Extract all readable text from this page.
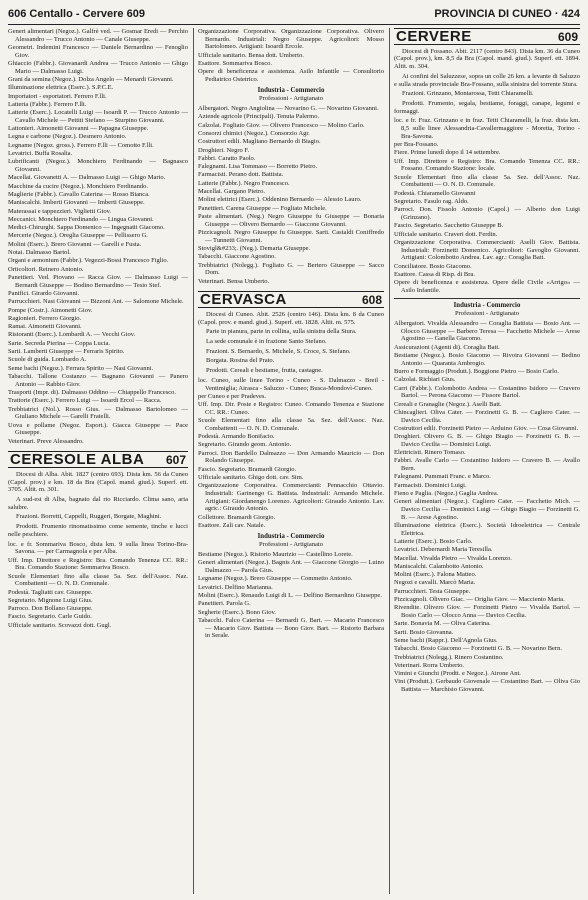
606 Centallo - Cervere 609	PROVINCIA DI CUNEO · 424

Generi alimentari (Negoz.). Galfrè ved. — Gosmar Eredi — Perchio Alessandro — Trucco Antonio — Canale Giuseppe.

Geometri. Indemini Francesco — Daniele Bernardino — Fenoglio Giov.

Ghiaccio (Fabbr.). Giovanardi Andrea — Trucco Antonio — Ghigo Mario — Dalmasso Luigi.

Grani da semina (Negoz.). Dolza Angelo — Menardi Giovanni.

Illuminazione elettrica (Eserc.). S.P.C.E.

Importatori - esportatori. Ferrero F.lli.

Latteria (Fabbr.). Ferrero F.lli.

Latterie (Eserc.). Locatelli Luigi — Isoardi P. — Trucco Antonio — Cavallo Michele — Pettiti Stefano — Sturpino Giovanni.

Lattonieri. Aimonetti Giovanni — Papagna Giuseppe.

Legna e carbone (Negoz.). Desmero Antonio.

Legname (Negoz. gross.). Ferrero F.lli — Comotto F.lli.

Levatrici. Buffa Rosalia.

Lubrificanti (Negoz.). Monchiero Ferdinando — Bagnasco Giovanni.

Macellai. Giovanetti A. — Dalmasso Luigi — Ghigo Mario.

Macchine da cucire (Negoz.). Monchiero Ferdinando.

Maglierie (Fabbr.). Cavallo Caterina — Rosso Bianca.

Maniscalchi. Imberti Giovanni — Imberti Giuseppe.

Materassai e tappezzieri. Viglietti Giov.

Meccanici. Monchiero Ferdinando — Lingua Giovanni.

Medici-Chirurghi. Sappa Domenico — Ingegnatti Giacomo.

Mercerie (Negoz.). Oreglia Giuseppe — Pellissero G.

Molini (Eserc.). Brero Giovanni — Garelli e Fusta.

Notai. Dalmasso Bartol.

Organi e armonium (Fabbr.). Vegezzi-Bossi Francesco Figlio.

Orticoltori. Reinero Antonio.

Panettieri. Ved. Piovano — Racca Giov. — Dalmasso Luigi — Bernardi Giuseppe — Bodino Bernardino — Tesio Stef.

Panifici. Girardo Giovanni.

Parrucchieri. Nasi Giovanni — Bizzoni Ant. — Salomone Michele.

Pompe (Costr.). Aimonetti Giov.

Ragionieri. Ferrero Giorgio.

Ramai. Aimonetti Giovanni.

Ristoranti (Eserc.). Lombardi A. — Vecchi Giov.

Sarte. Secreda Pierina — Coppa Lucia.

Sarti. Lamberti Giuseppe — Ferraris Spirito.

Scuole di guida. Lombardo A.

Seme bachi (Negoz.). Ferrara Spirito — Nasi Giovanni.

Tabacchi. Tallone Costanzo — Bagnano Giovanni — Panero Antonio — Rabbio Giov.

Trasporti (Impr. di). Dalmasso Oddino — Chiappello Francesco.

Trattorie (Eserc.). Ferrero Luigi — Isoardi Ercol — Racca.

Trebbiatrici (Nol.). Rosso Gius. — Dalmasso Bartolomeo — Giuliano Michele — Garelli Fratelli.

Uova e pollame (Negoz. Esport.). Giacca Giuseppe — Pace Giuseppe.

Veterinari. Preve Alessandro.

CERESOLE ALBA 607

Diocesi di Alba. Abit. 1827 (centro 693). Dista km. 56 da Cuneo (Capol. prov.) e km. 18 da Bra (Capol. mand. giud.). Superf. ett. 3705. Altit. m. 301.

A sud-est di Alba, bagnato dal rio Ricciardo. Clima sano, aria salubre.

Frazioni. Borretti, Cappelli, Ruggeri, Borgate, Maghini.

Prodotti. Frumento rinomatissimo come semente, tinche e lucci nelle peschiere.

loc. e fr. Sommariva Bosco, dista km. 9 sulla linea Torino-Bra-Savona. — per Carmagnola e per Alba.

Uff. Imp. Direttore e Registro: Bra. Comando Tenenza CC. RR.: Bra. Comando Stazione: Sommariva Bosco.

Scuole Elementari fino alla classe 5a. Sez. dell'Assoc. Naz. Combattenti — O. N. D. Comunale.

Podestà. Tagliatti cav. Giuseppe.

Segretario. Mignone Luigi Gius.

Parroco. Don Bollano Giuseppe.

Fascio. Segretario. Carle Guido.

Ufficiale sanitario. Scovazzi dott. Gugl.

Organizzazione Corporativa. Organizzazione Corporativa. Olivero Bernardo. Industriali: Negro Giuseppe. Agricoltori: Mosso Bartolomeo. Artigiani: Isoardi Ercole.

Ufficiale sanitario. Bensa dott. Umberto.

Esattore. Sommariva Bosco.

Opere di beneficenza e assistenza. Asilo Infantile — Consultorio Pediatrico Ostetrico.

Industria - Commercio
Professioni - Artigianato

Albergatori. Negro Angiolina — Novarino G. — Novarino Giovanni.

Aziende agricole (Principali). Tenuta Palermo.

Calzolai. Fogliato Giov. — Olivero Francesco — Molino Carlo.

Consorzi chimici (Negoz.). Consorzio Agr.

Costruttori edili. Magliano Bernardo di Biagio.

Droghieri. Negro F.

Fabbri. Caratto Paolo.

Falegnami. Lisa Tommaso — Borretto Pietro.

Farmacisti. Perano dott. Battista.

Latterie (Fabbr.). Negro Francesco.

Macellai. Gargano Pietro.

Molini elettrici (Eserc.). Oddenino Bernardo — Alessio Lauro.

Panettieri. Carena Giuseppe — Fogliato Michele.

Paste alimentari. (Neg.) Negro Giuseppe fu Giuseppe — Bonaria Giuseppe — Olivero Bernardo — Giaccone Giovanni.

Pizzicagnoli. Negro Giuseppe fu Giuseppe. Sarti. Castaldi Coniffredo — Tunnetti Giovanni.

Stovigl&#233;. (Neg.). Demaria Giuseppe.

Tabacchi. Giaccone Agostino.

Trebbiatrici (Nolegg.). Fogliato G. — Bertero Giuseppe — Sacco Dom.

Veterinari. Bensa Umberto.

CERVASCA	608

Diocesi di Cuneo. Abit. 2526 (centro 146). Dista km. 8 da Cuneo (Capol. prov. e mand. giud.). Superf. ett. 1828. Altit. m. 575.

Parte in pianura, parte in collina, sulla sinistra della Stura.

La sede comunale è in frazione Santo Stefano.

Frazioni. S. Bernardo, S. Michele, S. Croce, S. Stefano.

Borgata. Rosina del Prato.

Prodotti. Cereali e bestiame, frutta, castagne.

loc. Cuneo, sulle linee Torino - Cuneo - S. Dalmazzo - Breil - Ventimiglia; Airasca - Saluzzo - Cuneo; Busca-Mondovì-Cuneo.

per Cuneo e per Pradeves.

Uff. Imp. Dir. Poste e Registro: Cuneo. Comando Tenenza e Stazione CC. RR.: Cuneo.

Scuole Elementari fino alla classe 5a. Sez. dell'Assoc. Naz. Combattenti — O. N. D. Comunale.

Podestà. Armando Bonifacio.

Segretario. Girando geom. Antonio.

Parroci. Don Bardello Dalmazzo — Don Armando Mauricio — Don Rolando Giuseppe.

Fascio. Segretario. Bramardi Giorgio.

Ufficiale sanitario. Ghigo dott. cav. Sim.

Organizzazione Corporativa. Commercianti: Pennacchio Ottavio. Industriali: Garinengo G. Battista. Industriali: Armando Michele. Artigiani: Giordanengo Lorenzo. Agricoltori: Giraudo Antonio. Lav. agric.: Giraudo Antonio.

Collettore. Bramardi Giorgio.

Esattore. Zali cav. Natale.

Industria - Commercio
Professioni - Artigianato

Bestiame (Negoz.). Ristorto Maurizio — Castellino Lorete.

Generi alimentari (Negoz.). Bagnis Ant. — Giaccone Giorgio — Luino Dalmazzo — Parola Gius.

Legname (Negoz.). Brero Giuseppe — Commetto Antonio.

Levatrici. Delfino Marianna.

Molini (Eserc.). Renaudo Luigi di L. — Delfino Bernardino Giuseppe.

Panettieri. Parola G.

Segherie (Eserc.). Bono Giov.

Tabacchi. Falco Caterina — Bernardi G. Bart. — Macario Francesco — Macario Giov. Battista — Bono Giov. Bart. — Ristorto Barbara in Serale.

CERVERE	609

Diocesi di Fossano. Abit. 2117 (centro 843). Dista km. 36 da Cuneo (Capol. prov.), km. 8,5 da Bra (Capol. mand. giud.). Superf. ett. 1894. Altit. m. 304.

Ai confini del Saluzzese, sopra un colle 26 km. a levante di Saluzzo e sulla strada provinciale Bra-Fossano, sulla sinistra del torrente Stura.

Frazioni. Grinzano, Montarossa, Tetti Chiaramelli.

Prodotti. Frumento, segala, bestiame, foraggi, canape, legumi e formaggi.

loc. e fr. Fraz. Grinzano e in fraz. Tetti Chiaramelli, la fraz. dista km. 8,5 sulle linee Alessandria-Cavallermaggiore - Moretta, Torino - Bra-Savona.

per Bra-Fossano.

Fiere. Prime lunedì dopo il 14 settembre.

Uff. Imp. Direttore e Registro: Bra. Comando Tenenza CC. RR.: Fossano. Comando Stazione: locale.

Scuole Elementari fino alla classe 5a. Sez. dell'Assoc. Naz. Combattenti — O. N. D. Comunale.

Podestà. Chiaramello Giovanni

Segretario. Fasulo rag. Aldo.

Parroci. Don. Fissolo Antonio (Capol.) — Alberto don Luigi (Grinzano).

Fascio. Segretario. Sacchetto Giuseppe B.

Ufficiale sanitario. Craveri dott. Ferdin.

Organizzazione Corporativa. Commercianti: Aselli Giov. Battista. Industriali: Forzinetti Domenico. Agricoltori: Gavoglio Giovanni. Artigiani: Colombotto Andrea. Lav. agr.: Coraglia Batt.

Conciliatore. Bosio Giacomo.

Esattore. Cassa di Risp. di Bra.

Opere di beneficenza e assistenza. Opere delle Civile «Arrigo» — Asilo Infantile.

Industria - Commercio
Professioni - Artigianato

Albergatori. Vivalda Alessandro — Coraglia Battista — Bosio Ant. — Olocco Giuseppe — Barbero Teresa — Facchetto Michele — Arese Agostino — Ganella Giacomo.

Assicurazioni (Agenti di). Coraglia Batt.

Bestiame (Negoz.). Bosio Giacomo — Rivoira Giovanni — Bedino Antonio — Quaranta Ambrogio.

Burro e Formaggio (Produtt.). Boggione Pietro — Bosio Carlo.

Calzolai. Richiari Gius.

Carri (Fabbr.). Colombotto Andrea — Costantino Isidoro — Cravero Bartol. — Perona Giacomo — Fissore Bartol.

Cereali e Granaglie (Negoz.). Aselli Batt.

Chincaglieri. Oliva Cater. — Forzinetti G. B. — Cagliero Cater. — Davico Cecilia.

Costruttori edili. Forzinetti Pietro — Arduino Giov. — Cosa Giovanni.

Droghieri. Olivero G. B. — Ghigo Biagio — Forzinetti G. B. — Davico Cecilia — Dominici Luigi.

Elettricisti. Rinero Tomaso.

Fabbri. Avalle Carlo — Costantino Isidoro — Cravero B. — Avallo Bern.

Falegnami. Pummati Franc. e Marco.

Farmacisti. Dominici Luigi.

Fieno e Paglia. (Negoz.) Gaglia Andrea.

Generi alimentari (Negoz.). Cagliero Cater. — Facchetto Mich. — Davico Cecilia — Dominici Luigi — Ghigo Biagio — Forzinetti G. B. — Arese Agostino.

Illuminazione elettrica (Eserc.). Società Idroelettrica — Centrale Elettrica.

Latterie (Eserc.). Bosio Carlo.

Levatrici. Debernardi Maria Teresilla.

Macellai. Vivalda Pietro — Vivalda Lorenzo.

Maniscalchi. Calambotto Antonio.

Molini (Eserc.). Falona Matteo.

Negozi e cavalli. Marcò Maria.

Parrucchieri. Testa Giuseppe.

Pizzicagnoli. Olivero Giac. — Origlia Giov. — Macciento Maria.

Rivendite. Olivero Giov. — Forzinetti Pietro — Vivalda Bartol. — Bosio Carlo — Olocco Anna — Davico Cecilia.

Sarte. Bonavia M. — Oliva Caterina.

Sarti. Bosio Giovanna.

Seme bachi (Rappr.). Dell'Agnola Gius.

Tabacchi. Bosio Giacomo — Forzinetti G. B. — Novarino Bern.

Trebbiatrici (Nolegg.). Rinero Costantino.

Veterinari. Rorra Umberto.

Vimini e Giunchi (Prodtt. e Negoz.). Airone Ant.

Vini (Produtt.). Gerbaudo Giovenale — Costantino Bart. — Oliva Gio Battista — Marchisio Giovanni.
